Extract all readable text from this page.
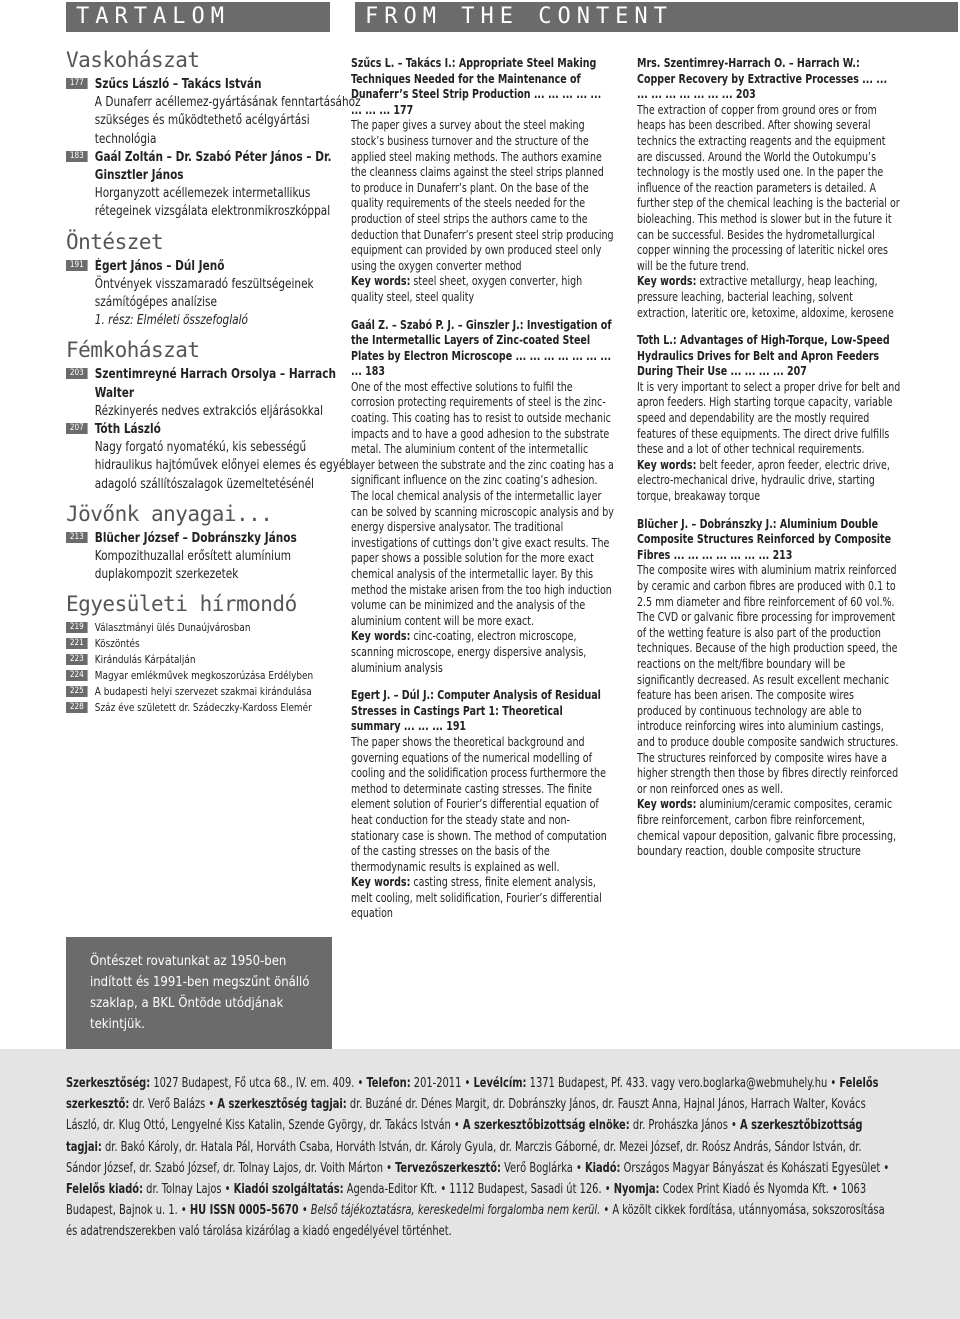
TARTALOM	FROM THE CONTENT
Vaskohászat
177 Szűcs László – Takács István
A Dunaferr acéllemez-gyártásának fenntartásához szükséges és működtethető acélgyártási technológia
183 Gaál Zoltán – Dr. Szabó Péter János – Dr. Ginsztler János
Horganyzott acéllemezek intermetallikus rétegeinek vizsgálata elektronmikroszkóppal
Öntészet
191 Égert János – Dúl Jenő
Öntvények visszamaradó feszültségeinek számítógépes analízise
1. rész: Elméleti összefoglaló
Fémkohászat
203 Szentimreyné Harrach Orsolya – Harrach Walter
Rézkinyerés nedves extrakciós eljárásokkal
207 Tóth László
Nagy forgató nyomatékú, kis sebességű hidraulikus hajtóművek előnyei elemes és egyéb adagoló szállítószalagok üzemeltetésénél
Jövőnk anyagai...
213 Blücher József – Dobránszky János
Kompozithuzallal erősített alumínium duplakompozit szerkezetek
Egyesületi hírmondó
219	Választmányi ülés Dunaújvárosban
221	Köszöntés
223	Kirándulás Kárpátalján
224	Magyar emlékművek megkoszorúzása Erdélyben
225	A budapesti helyi szervezet szakmai kirándulása
228	Száz éve született dr. Szádeczky-Kardoss Elemér
Öntészet rovatunkat az 1950-ben indított és 1991-ben megszűnt önálló szaklap, a BKL Öntöde utódjának tekintjük.
Szűcs L. – Takács I.: Appropriate Steel Making Techniques Needed for the Maintenance of Dunaferr’s Steel Strip Production ... ... ... ... ... ... ... ... 177
The paper gives a survey about the steel making stock’s business turnover and the structure of the applied steel making methods. The authors examine the cleanness claims against the steel strips planned to produce in Dunaferr’s plant. On the base of the quality requirements of the steels needed for the production of steel strips the authors came to the deduction that Dunaferr’s present steel strip producing equipment can provided by own produced steel only using the oxygen converter method
Key words: steel sheet, oxygen converter, high quality steel, steel quality
Gaál Z. – Szabó P. J. – Ginszler J.: Investigation of the Intermetallic Layers of Zinc-coated Steel Plates by Electron Microscope ... ... ... ... ... ... ... ... 183
One of the most effective solutions to fulfil the corrosion protecting requirements of steel is the zinc-coating. This coating has to resist to outside mechanic impacts and to have a good adhesion to the substrate metal. The aluminium content of the intermetallic layer between the substrate and the zinc coating has a significant influence on the zinc coating’s adhesion. The local chemical analysis of the intermetallic layer can be solved by scanning microscopic analysis and by energy dispersive analysator. The traditional investigations of cuttings don’t give exact results. The paper shows a possible solution for the more exact chemical analysis of the intermetallic layer. By this method the mistake arisen from the too high induction volume can be minimized and the analysis of the aluminium content will be more exact.
Key words: cinc-coating, electron microscope, scanning microscope, energy dispersive analysis, aluminium analysis
Egert J. – Dúl J.: Computer Analysis of Residual Stresses in Castings Part 1: Theoretical summary ... ... ... 191
The paper shows the theoretical background and governing equations of the numerical modelling of cooling and the solidification process furthermore the method to determinate casting stresses. The finite element solution of Fourier’s differential equation of heat conduction for the steady state and non-stationary case is shown. The method of computation of the casting stresses on the basis of the thermodynamic results is explained as well.
Key words: casting stress, finite element analysis, melt cooling, melt solidification, Fourier’s differential equation
Mrs. Szentimrey-Harrach O. – Harrach W.: Copper Recovery by Extractive Processes ... ... ... ... ... ... ... ... ... 203
The extraction of copper from ground ores or from heaps has been described. After showing several technics the extracting reagents and the equipment are discussed. Around the World the Outokumpu’s technology is the mostly used one. In the paper the influence of the reaction parameters is detailed. A further step of the chemical leaching is the bacterial or bioleaching. This method is slower but in the future it can be successful. Besides the hydrometallurgical copper winning the processing of lateritic nickel ores will be the future trend.
Key words: extractive metallurgy, heap leaching, pressure leaching, bacterial leaching, solvent extraction, lateritic ore, ketoxime, aldoxime, kerosene
Toth L.: Advantages of High-Torque, Low-Speed Hydraulics Drives for Belt and Apron Feeders During Their Use ... ... ... ... 207
It is very important to select a proper drive for belt and apron feeders. High starting torque capacity, variable speed and dependability are the mostly required features of these equipments. The direct drive fulfills these and a lot of other technical requirements.
Key words: belt feeder, apron feeder, electric drive, electro-mechanical drive, hydraulic drive, starting torque, breakaway torque
Blücher J. – Dobránszky J.: Aluminium Double Composite Structures Reinforced by Composite Fibres ... ... ... ... ... ... ... 213
The composite wires with aluminium matrix reinforced by ceramic and carbon fibres are produced with 0.1 to 2.5 mm diameter and fibre reinforcement of 60 vol.%. The CVD or galvanic fibre processing for improvement of the wetting feature is also part of the production techniques. Because of the high production speed, the reactions on the melt/fibre boundary will be significantly decreased. As result excellent mechanic feature has been arisen. The composite wires produced by continuous technology are able to introduce reinforcing wires into aluminium castings, and to produce double composite sandwich structures. The structures reinforced by composite wires have a higher strength then those by fibres directly reinforced or non reinforced ones as well.
Key words: aluminium/ceramic composites, ceramic fibre reinforcement, carbon fibre reinforcement, chemical vapour deposition, galvanic fibre processing, boundary reaction, double composite structure
Szerkesztőség: 1027 Budapest, Fő utca 68., IV. em. 409. • Telefon: 201-2011 • Levélcím: 1371 Budapest, Pf. 433. vagy vero.boglarka@webmuhely.hu • Felelős szerkesztő: dr. Verő Balázs • A szerkesztőség tagjai: dr. Buzáné dr. Dénes Margit, dr. Dobránszky János, dr. Fauszt Anna, Hajnal János, Harrach Walter, Kovács László, dr. Klug Ottó, Lengyelné Kiss Katalin, Szende György, dr. Takács István • A szerkesztőbizottság elnöke: dr. Prohászka János • A szerkesztőbizottság tagjai: dr. Bakó Károly, dr. Hatala Pál, Horváth Csaba, Horváth István, dr. Károly Gyula, dr. Marczis Gáborné, dr. Mezei József, dr. Roósz András, Sándor István, dr. Sándor József, dr. Szabó József, dr. Tolnay Lajos, dr. Voith Márton • Tervezőszerkesztő: Verő Boglárka • Kiadó: Országos Magyar Bányászat és Kohászati Egyesület • Felelős kiadó: dr. Tolnay Lajos • Kiadói szolgáltatás: Agenda-Editor Kft. • 1112 Budapest, Sasadi út 126. • Nyomja: Codex Print Kiadó és Nyomda Kft. • 1063 Budapest, Bajnok u. 1. • HU ISSN 0005–5670 • Belső tájékoztatásra, kereskedelmi forgalomba nem kerül. • A közölt cikkek fordítása, utánnyomása, sokszorosítása és adatrendszerekben való tárolása kizárólag a kiadó engedélyével történhet.
